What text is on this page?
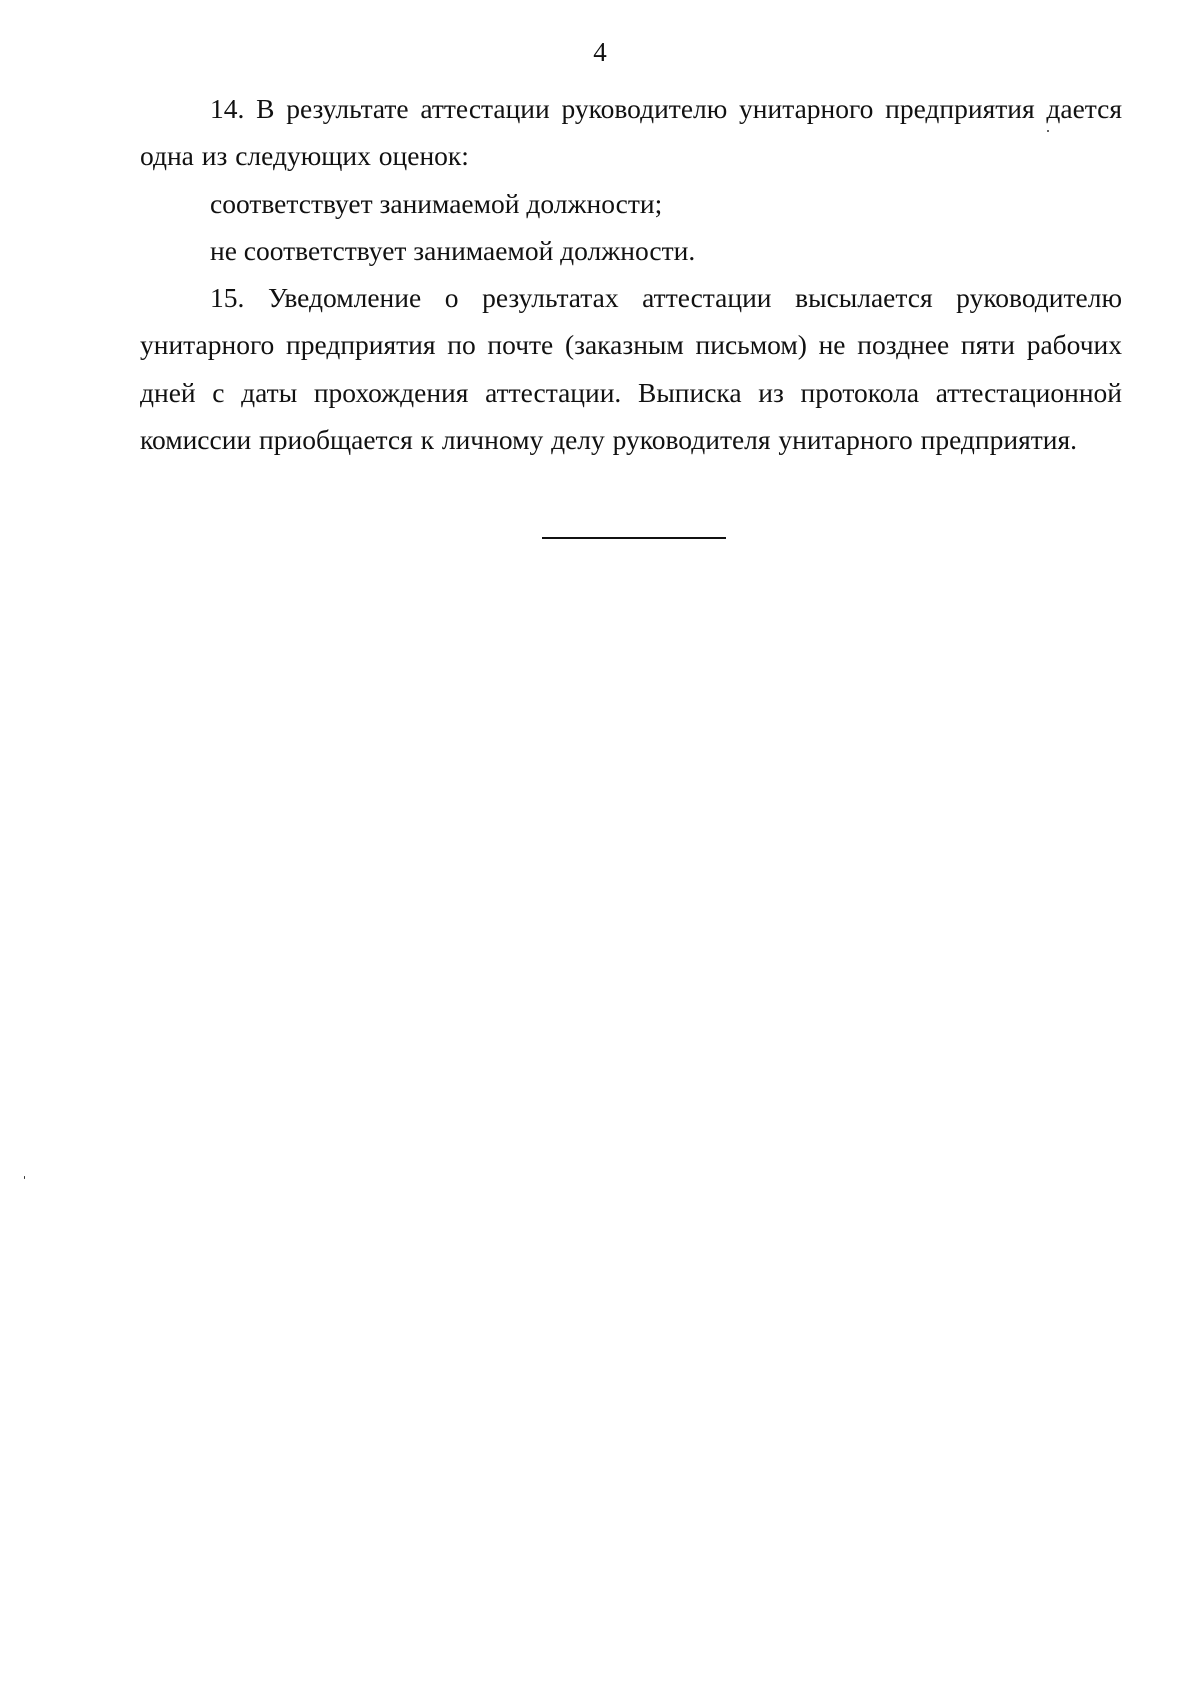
4
14. В результате аттестации руководителю унитарного предприятия дается
одна из следующих оценок:
соответствует занимаемой должности;
не соответствует занимаемой должности.
15. Уведомление о результатах аттестации высылается руководителю
унитарного предприятия по почте (заказным письмом) не позднее пяти рабочих
дней с даты прохождения аттестации. Выписка из протокола аттестационной
комиссии приобщается к личному делу руководителя унитарного предприятия.
